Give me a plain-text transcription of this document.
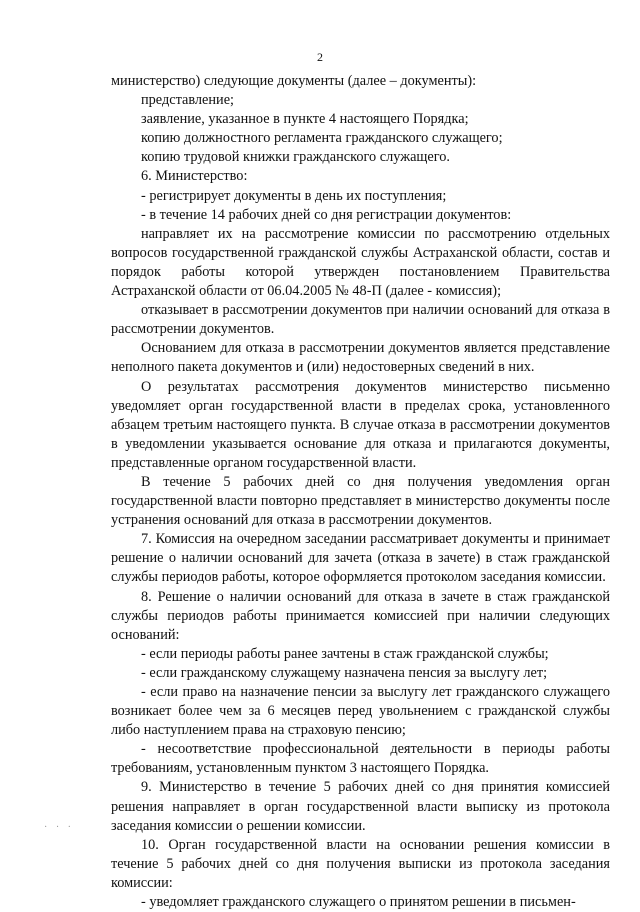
2

министерство) следующие документы (далее – документы):

представление;

заявление, указанное в пункте 4 настоящего Порядка;

копию должностного регламента гражданского служащего;

копию трудовой книжки гражданского служащего.

6. Министерство:

- регистрирует документы в день их поступления;

- в течение 14 рабочих дней со дня регистрации документов:

направляет их на рассмотрение комиссии по рассмотрению отдельных вопросов государственной гражданской службы Астраханской области, состав и порядок работы которой утвержден постановлением Правительства Астраханской области от 06.04.2005 № 48-П (далее - комиссия);

отказывает в рассмотрении документов при наличии оснований для отказа в рассмотрении документов.

Основанием для отказа в рассмотрении документов является представление неполного пакета документов и (или) недостоверных сведений в них.

О результатах рассмотрения документов министерство письменно уведомляет орган государственной власти в пределах срока, установленного абзацем третьим настоящего пункта. В случае отказа в рассмотрении документов в уведомлении указывается основание для отказа и прилагаются документы, представленные органом государственной власти.

В течение 5 рабочих дней со дня получения уведомления орган государственной власти повторно представляет в министерство документы после устранения оснований для отказа в рассмотрении документов.

7. Комиссия на очередном заседании рассматривает документы и принимает решение о наличии оснований для зачета (отказа в зачете) в стаж гражданской службы периодов работы, которое оформляется протоколом заседания комиссии.

8. Решение о наличии оснований для отказа в зачете в стаж гражданской службы периодов работы принимается комиссией при наличии следующих оснований:

- если периоды работы ранее зачтены в стаж гражданской службы;

- если гражданскому служащему назначена пенсия за выслугу лет;

- если право на назначение пенсии за выслугу лет гражданского служащего возникает более чем за 6 месяцев перед увольнением с гражданской службы либо наступлением права на страховую пенсию;

- несоответствие профессиональной деятельности в периоды работы требованиям, установленным пунктом 3 настоящего Порядка.

9. Министерство в течение 5 рабочих дней со дня принятия комиссией решения направляет в орган государственной власти выписку из протокола заседания комиссии о решении комиссии.

10. Орган государственной власти на основании решения комиссии в течение 5 рабочих дней со дня получения выписки из протокола заседания комиссии:

- уведомляет гражданского служащего о принятом решении в письмен-

· · ·
